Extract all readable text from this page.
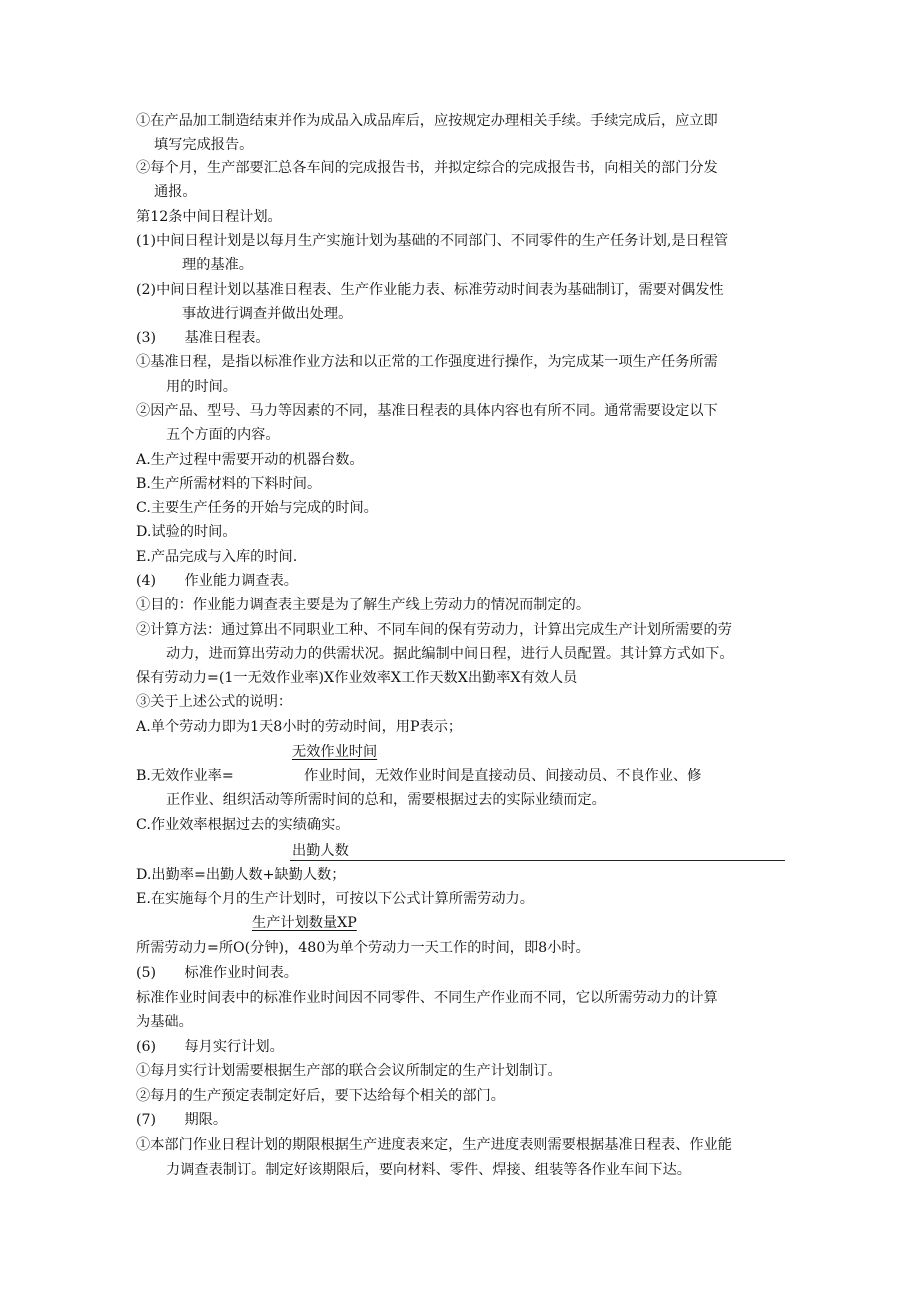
①在产品加工制造结束并作为成品入成品库后，应按规定办理相关手续。手续完成后，应立即
填写完成报告。
②每个月，生产部要汇总各车间的完成报告书，并拟定综合的完成报告书，向相关的部门分发
通报。
第12条中间日程计划。
(1)中间日程计划是以每月生产实施计划为基础的不同部门、不同零件的生产任务计划,是日程管
理的基准。
(2)中间日程计划以基准日程表、生产作业能力表、标准劳动时间表为基础制订，需要对偶发性
事故进行调查并做出处理。
(3)　　基准日程表。
①基准日程，是指以标准作业方法和以正常的工作强度进行操作，为完成某一项生产任务所需
用的时间。
②因产品、型号、马力等因素的不同，基准日程表的具体内容也有所不同。通常需要设定以下
五个方面的内容。
A.生产过程中需要开动的机器台数。
B.生产所需材料的下料时间。
C.主要生产任务的开始与完成的时间。
D.试验的时间。
E.产品完成与入库的时间.
(4)　　作业能力调查表。
①目的：作业能力调查表主要是为了解生产线上劳动力的情况而制定的。
②计算方法：通过算出不同职业工种、不同车间的保有劳动力，计算出完成生产计划所需要的劳
动力，进而算出劳动力的供需状况。据此编制中间日程，进行人员配置。其计算方式如下。
保有劳动力=(1一无效作业率)X作业效率X工作天数X出勤率X有效人员
③关于上述公式的说明：
A.单个劳动力即为1天8小时的劳动时间，用P表示；
无效作业时间
B.无效作业率=	作业时间，无效作业时间是直接动员、间接动员、不良作业、修
正作业、组织活动等所需时间的总和，需要根据过去的实际业绩而定。
C.作业效率根据过去的实绩确实。
出勤人数
D.出勤率=出勤人数+缺勤人数；
E.在实施每个月的生产计划时，可按以下公式计算所需劳动力。
生产计划数量XP
所需劳动力=所O(分钟)，480为单个劳动力一天工作的时间，即8小时。
(5)　　标准作业时间表。
标准作业时间表中的标准作业时间因不同零件、不同生产作业而不同，它以所需劳动力的计算
为基础。
(6)　　每月实行计划。
①每月实行计划需要根据生产部的联合会议所制定的生产计划制订。
②每月的生产预定表制定好后，要下达给每个相关的部门。
(7)　　期限。
①本部门作业日程计划的期限根据生产进度表来定，生产进度表则需要根据基准日程表、作业能
力调查表制订。制定好该期限后，要向材料、零件、焊接、组装等各作业车间下达。
